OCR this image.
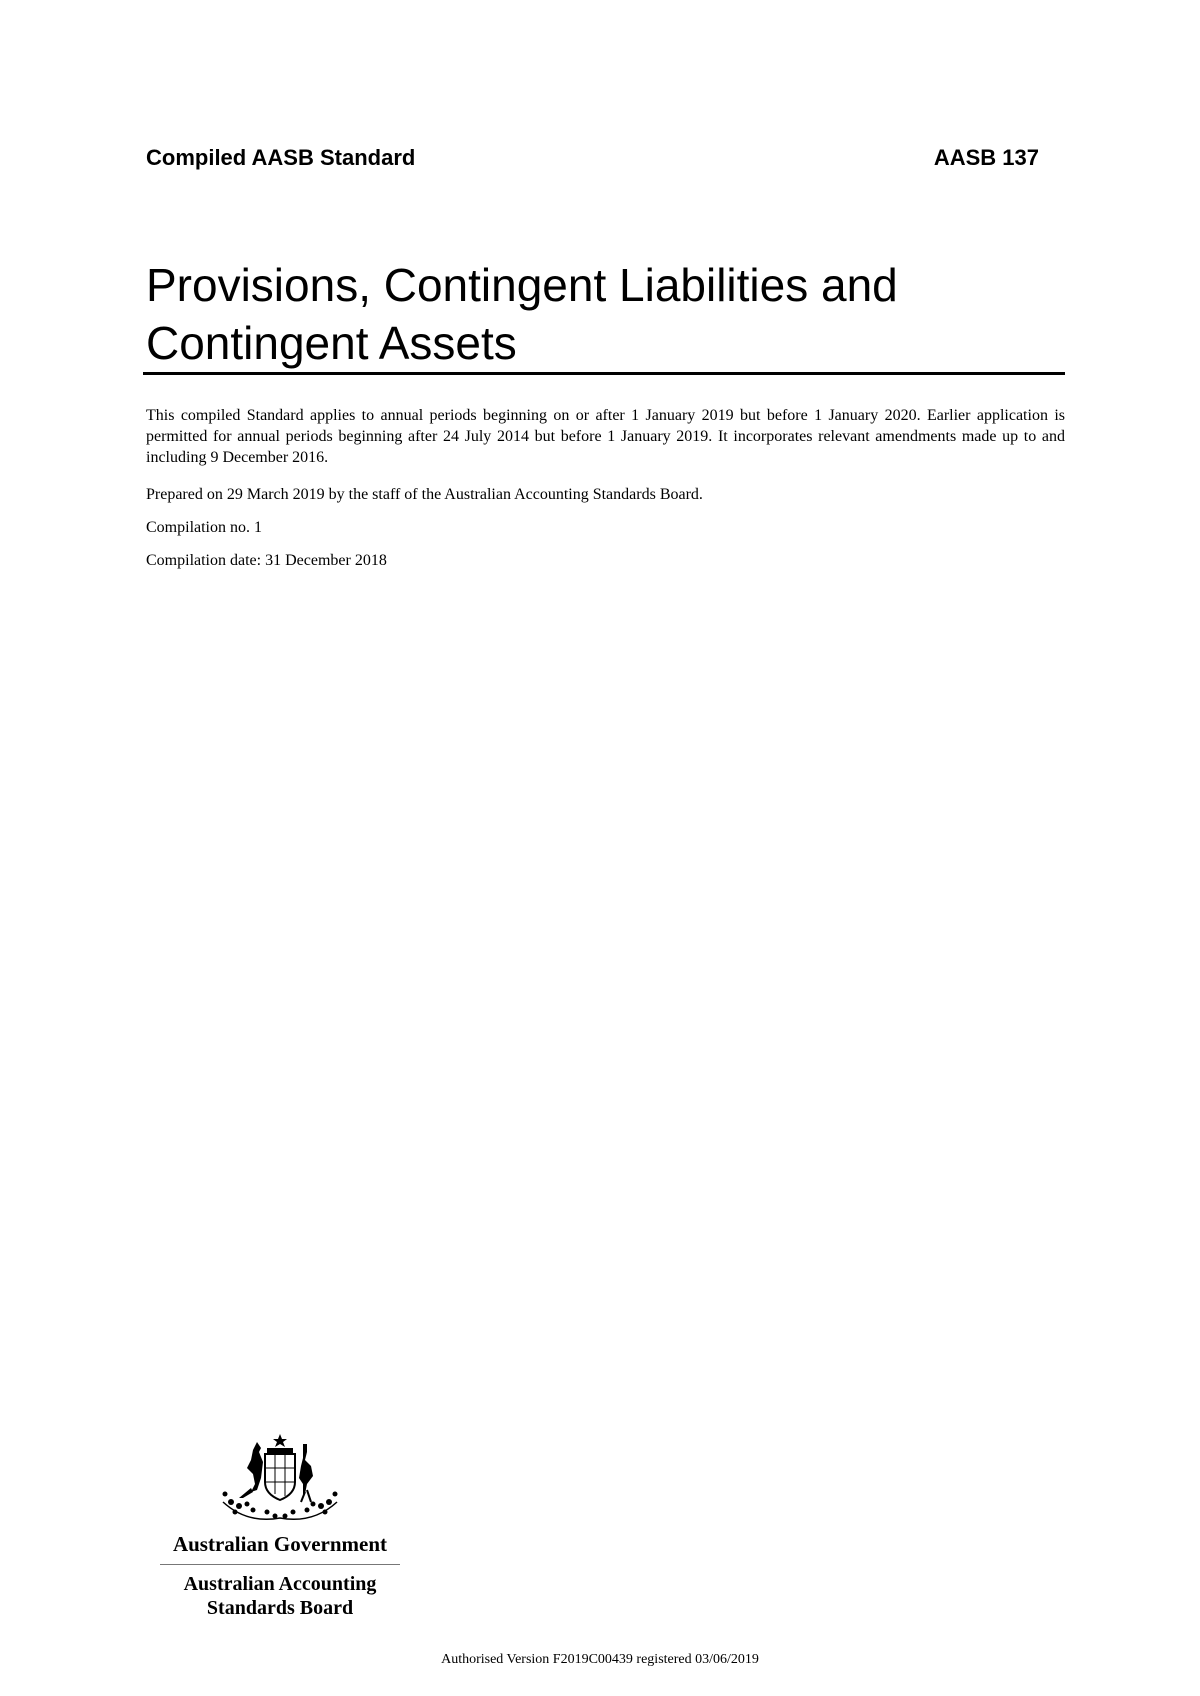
Compiled AASB Standard	AASB 137
Provisions, Contingent Liabilities and
Contingent Assets

This compiled Standard applies to annual periods beginning on or after 1 January 2019 but before 1 January 2020. Earlier application is permitted for annual periods beginning after 24 July 2014 but before 1 January 2019. It incorporates relevant amendments made up to and including 9 December 2016.

Prepared on 29 March 2019 by the staff of the Australian Accounting Standards Board.

Compilation no. 1

Compilation date: 31 December 2018

Australian Government
Australian Accounting
Standards Board
Authorised Version F2019C00439 registered 03/06/2019
